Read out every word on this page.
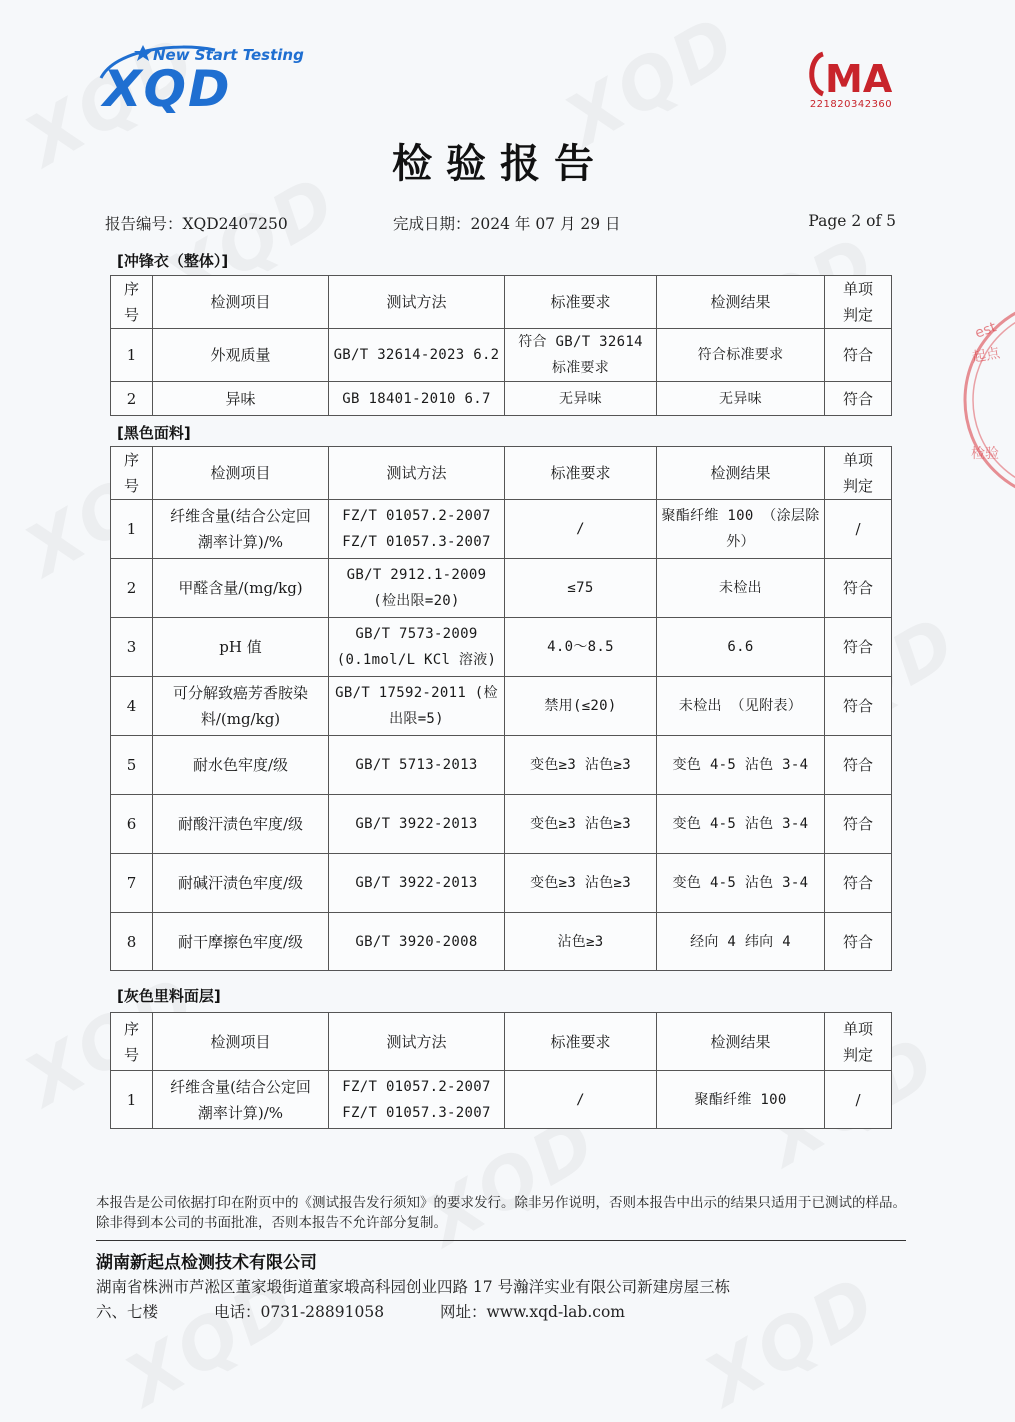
New Start Testing
XQD	MA
221820342360
est
起点
检验
检验报告
报告编号：XQD2407250	完成日期：2024 年 07 月 29 日	Page 2 of 5
[冲锋衣（整体）]
序号	检测项目	测试方法	标准要求	检测结果	单项判定
1	外观质量	GB/T 32614-2023 6.2	符合 GB/T 32614 标准要求	符合标准要求	符合
2	异味	GB 18401-2010 6.7	无异味	无异味	符合
[黑色面料]
序号	检测项目	测试方法	标准要求	检测结果	单项判定
1	纤维含量(结合公定回潮率计算)/%	FZ/T 01057.2-2007 FZ/T 01057.3-2007	/	聚酯纤维 100 （涂层除外）	/
2	甲醛含量/(mg/kg)	GB/T 2912.1-2009 (检出限=20)	≤75	未检出	符合
3	pH 值	GB/T 7573-2009 (0.1mol/L KCl 溶液)	4.0～8.5	6.6	符合
4	可分解致癌芳香胺染料/(mg/kg)	GB/T 17592-2011 (检出限=5)	禁用(≤20)	未检出 （见附表）	符合
5	耐水色牢度/级	GB/T 5713-2013	变色≥3 沾色≥3	变色 4-5 沾色 3-4	符合
6	耐酸汗渍色牢度/级	GB/T 3922-2013	变色≥3 沾色≥3	变色 4-5 沾色 3-4	符合
7	耐碱汗渍色牢度/级	GB/T 3922-2013	变色≥3 沾色≥3	变色 4-5 沾色 3-4	符合
8	耐干摩擦色牢度/级	GB/T 3920-2008	沾色≥3	经向 4 纬向 4	符合
[灰色里料面层]
序号	检测项目	测试方法	标准要求	检测结果	单项判定
1	纤维含量(结合公定回潮率计算)/%	FZ/T 01057.2-2007 FZ/T 01057.3-2007	/	聚酯纤维 100	/
本报告是公司依据打印在附页中的《测试报告发行须知》的要求发行。除非另作说明，否则本报告中出示的结果只适用于已测试的样品。除非得到本公司的书面批准，否则本报告不允许部分复制。
湖南新起点检测技术有限公司
湖南省株洲市芦淞区董家塅街道董家塅高科园创业四路 17 号瀚洋实业有限公司新建房屋三栋
六、七楼	电话：0731-28891058	网址：www.xqd-lab.com
